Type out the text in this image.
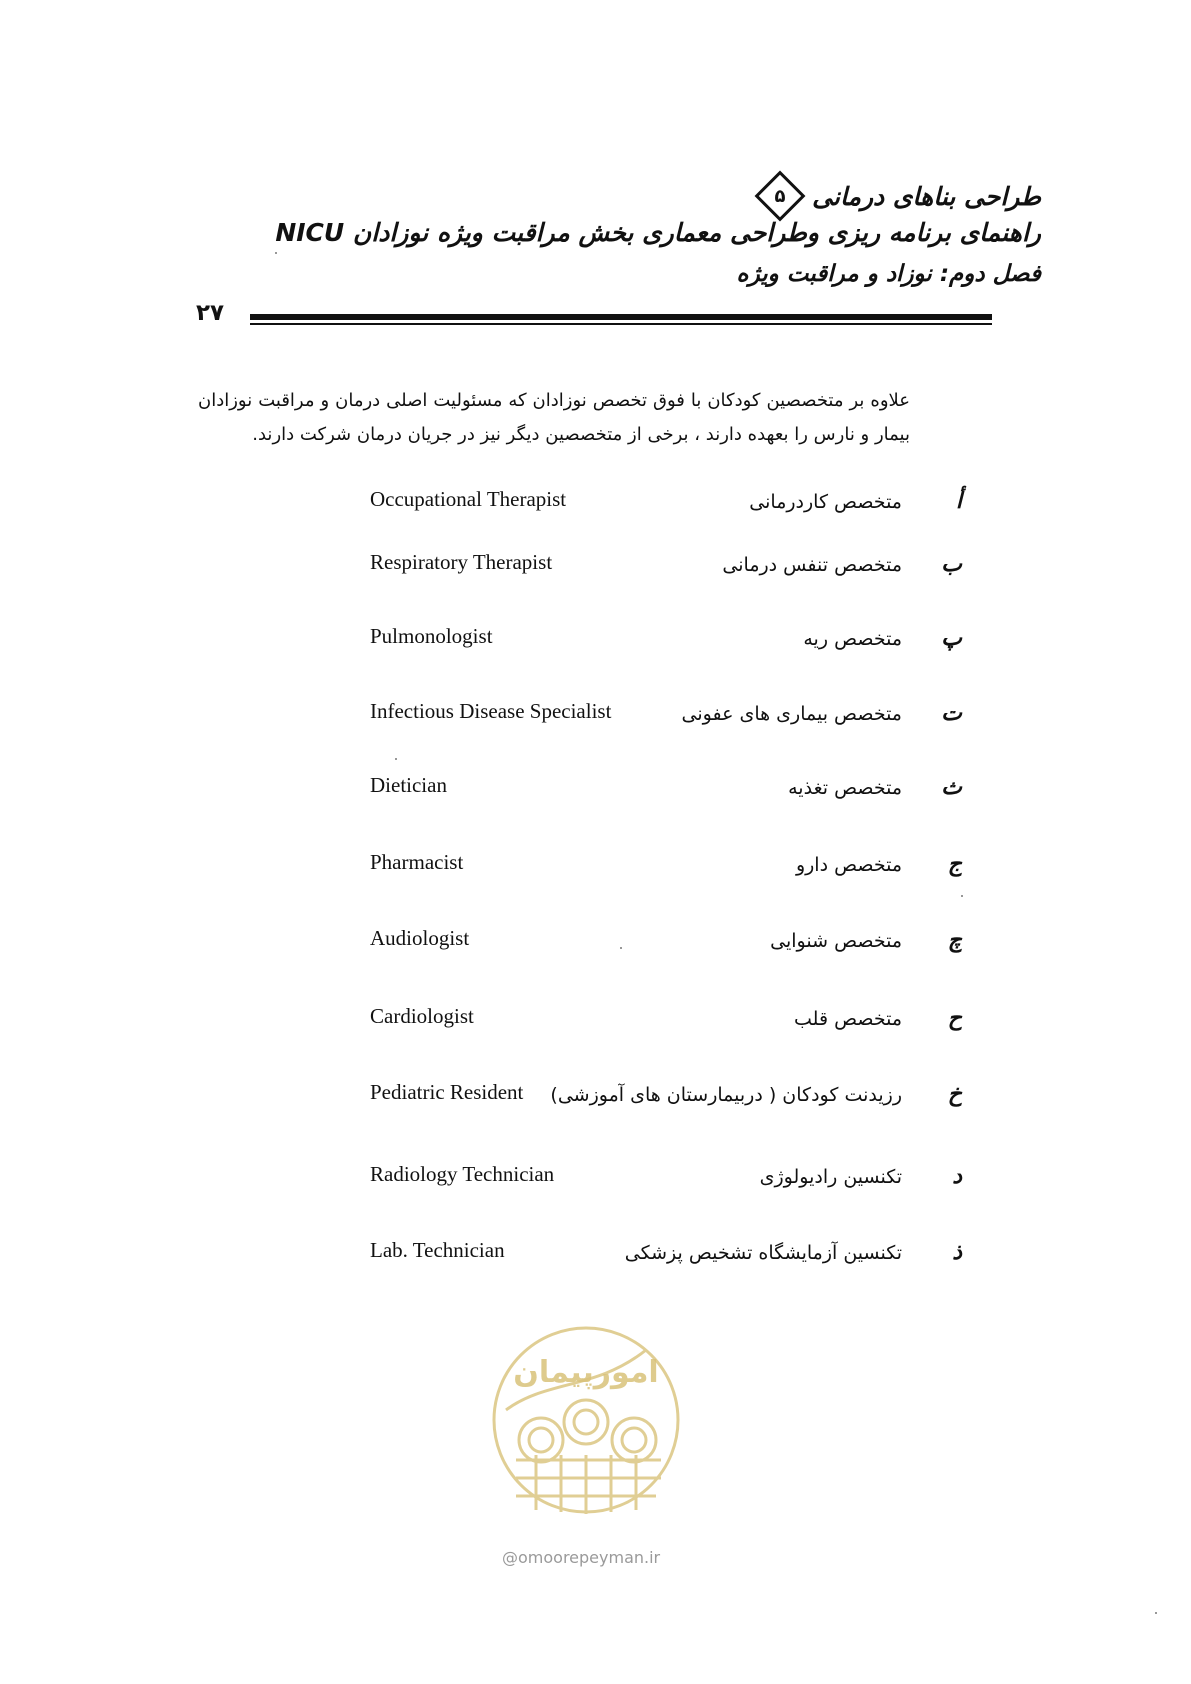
طراحی بناهای درمانی
۵
راهنمای برنامه ریزی وطراحی معماری بخش مراقبت ویژه نوزادان NICU
فصل دوم: نوزاد و مراقبت ویژه
۲۷
علاوه بر متخصصین کودکان با فوق تخصص نوزادان که مسئولیت اصلی درمان و مراقبت نوزادان بیمار و نارس را بعهده دارند ، برخی از متخصصین دیگر نیز در جریان درمان شرکت دارند.
Occupational Therapist	متخصص کاردرمانی أ
Respiratory Therapist	متخصص تنفس درمانی ب
Pulmonologist	متخصص ریه پ
Infectious Disease Specialist	متخصص بیماری های عفونی ت
Dietician	متخصص تغذیه ث
Pharmacist	متخصص دارو ج
Audiologist	متخصص شنوایی چ
Cardiologist	متخصص قلب ح
Pediatric Resident رزیدنت کودکان ( دربیمارستان های آموزشی) خ
Radiology Technician	تکنسین رادیولوژی د
Lab. Technician	تکنسین آزمایشگاه تشخیص پزشکی ذ
امورپیمان
@omoorepeyman.ir
